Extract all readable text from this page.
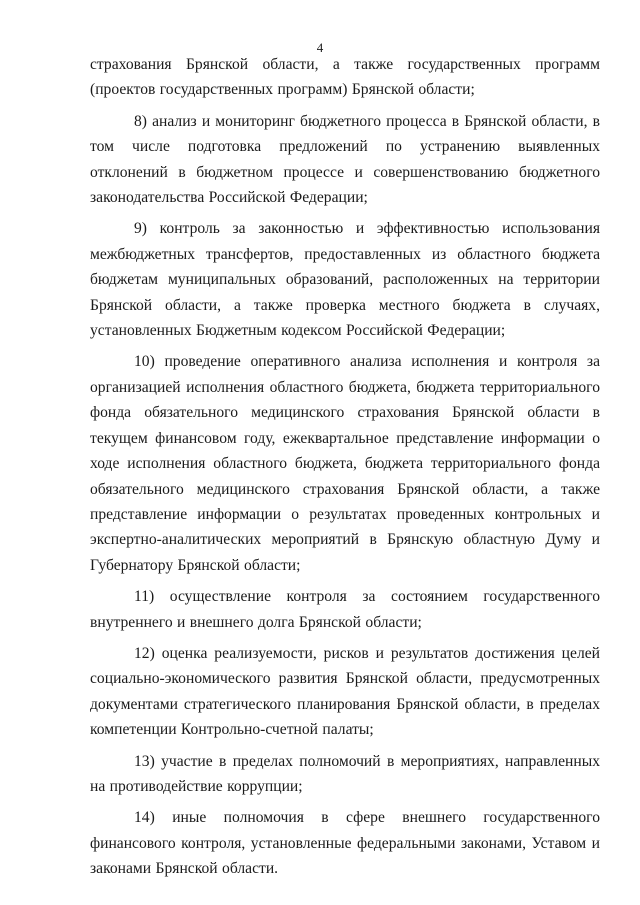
4

страхования Брянской области, а также государственных программ (проектов государственных программ) Брянской области;

8) анализ и мониторинг бюджетного процесса в Брянской области, в том числе подготовка предложений по устранению выявленных отклонений в бюджетном процессе и совершенствованию бюджетного законодательства Российской Федерации;

9) контроль за законностью и эффективностью использования межбюджетных трансфертов, предоставленных из областного бюджета бюджетам муниципальных образований, расположенных на территории Брянской области, а также проверка местного бюджета в случаях, установленных Бюджетным кодексом Российской Федерации;

10) проведение оперативного анализа исполнения и контроля за организацией исполнения областного бюджета, бюджета территориального фонда обязательного медицинского страхования Брянской области в текущем финансовом году, ежеквартальное представление информации о ходе исполнения областного бюджета, бюджета территориального фонда обязательного медицинского страхования Брянской области, а также представление информации о результатах проведенных контрольных и экспертно-аналитических мероприятий в Брянскую областную Думу и Губернатору Брянской области;

11) осуществление контроля за состоянием государственного внутреннего и внешнего долга Брянской области;

12) оценка реализуемости, рисков и результатов достижения целей социально-экономического развития Брянской области, предусмотренных документами стратегического планирования Брянской области, в пределах компетенции Контрольно-счетной палаты;

13) участие в пределах полномочий в мероприятиях, направленных на противодействие коррупции;

14) иные полномочия в сфере внешнего государственного финансового контроля, установленные федеральными законами, Уставом и законами Брянской области.
